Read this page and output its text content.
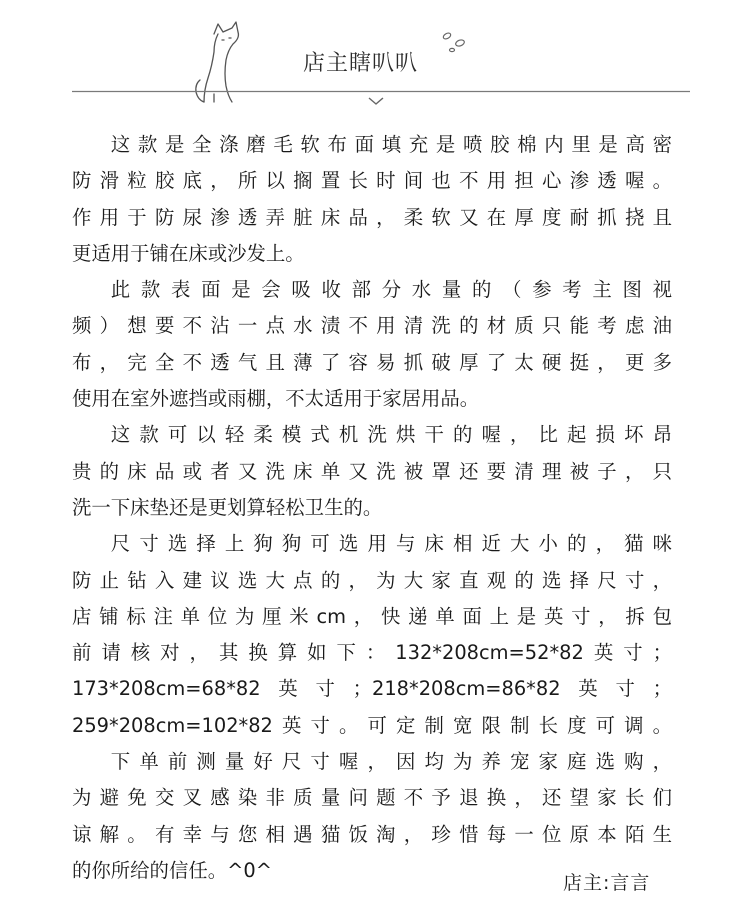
店主瞎叭叭

这款是全涤磨毛软布面填充是喷胶棉内里是高密
防滑粒胶底，所以搁置长时间也不用担心渗透喔。
作用于防尿渗透弄脏床品，柔软又在厚度耐抓挠且
更适用于铺在床或沙发上。

此款表面是会吸收部分水量的（参考主图视
频）想要不沾一点水渍不用清洗的材质只能考虑油
布，完全不透气且薄了容易抓破厚了太硬挺，更多
使用在室外遮挡或雨棚，不太适用于家居用品。

这款可以轻柔模式机洗烘干的喔，比起损坏昂
贵的床品或者又洗床单又洗被罩还要清理被子，只
洗一下床垫还是更划算轻松卫生的。

尺寸选择上狗狗可选用与床相近大小的，猫咪
防止钻入建议选大点的，为大家直观的选择尺寸，
店铺标注单位为厘米cm，快递单面上是英寸，拆包
前请核对，其换算如下：132*208cm=52*82英寸；
173*208cm=68*82英寸；218*208cm=86*82英寸；
259*208cm=102*82英寸。可定制宽限制长度可调。

下单前测量好尺寸喔，因均为养宠家庭选购，
为避免交叉感染非质量问题不予退换，还望家长们
谅解。有幸与您相遇猫饭淘，珍惜每一位原本陌生
的你所给的信任。^0^

店主:言言
